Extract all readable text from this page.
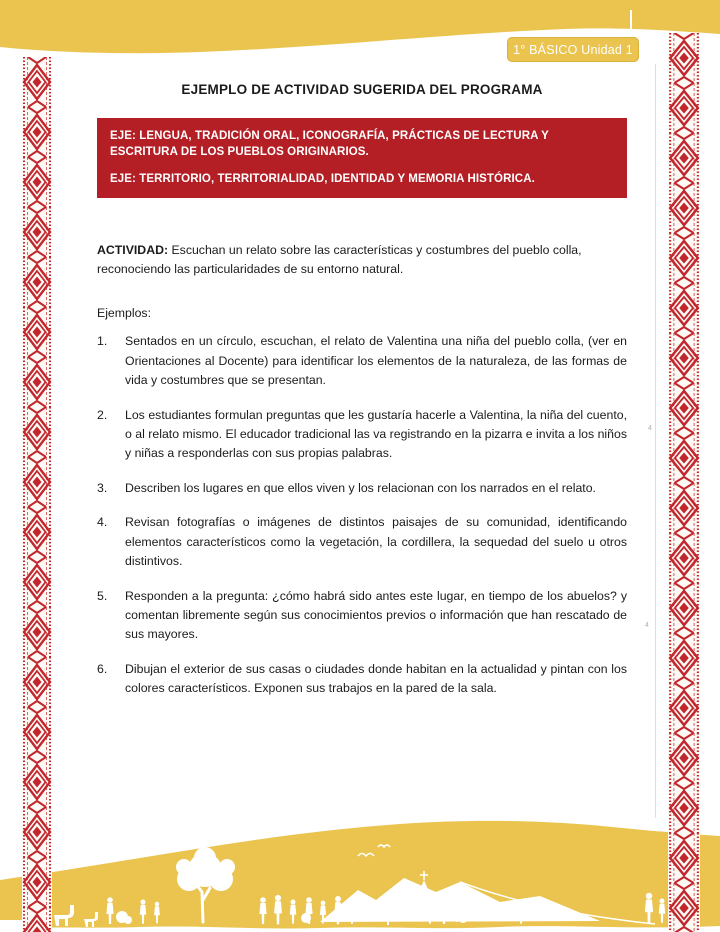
1° BÁSICO Unidad 1
4
4
EJEMPLO DE ACTIVIDAD SUGERIDA DEL PROGRAMA

EJE: LENGUA, TRADICIÓN ORAL, ICONOGRAFÍA, PRÁCTICAS DE LECTURA Y ESCRITURA DE LOS PUEBLOS ORIGINARIOS.

EJE: TERRITORIO, TERRITORIALIDAD, IDENTIDAD Y MEMORIA HISTÓRICA.

ACTIVIDAD: Escuchan un relato sobre las características y costumbres del pueblo colla, reconociendo las particularidades de su entorno natural.

Ejemplos:

1.	Sentados en un círculo, escuchan, el relato de Valentina una niña del pueblo colla, (ver en Orientaciones al Docente) para identificar los elementos de la naturaleza, de las formas de vida y costumbres que se presentan.
2.	Los estudiantes formulan preguntas que les gustaría hacerle a Valentina, la niña del cuento, o al relato mismo. El educador tradicional las va registrando en la pizarra e invita a los niños y niñas a responderlas con sus propias palabras.
3.	Describen los lugares en que ellos viven y los relacionan con los narrados en el relato.
4.	Revisan fotografías o imágenes de distintos paisajes de su comunidad, identificando elementos característicos como la vegetación, la cordillera, la sequedad del suelo u otros distintivos.
5.	Responden a la pregunta: ¿cómo habrá sido antes este lugar, en tiempo de los abuelos? y comentan libremente según sus conocimientos previos o información que han rescatado de sus mayores.
6.	Dibujan el exterior de sus casas o ciudades donde habitan en la actualidad y pintan con los colores característicos. Exponen sus trabajos en la pared de la sala.
